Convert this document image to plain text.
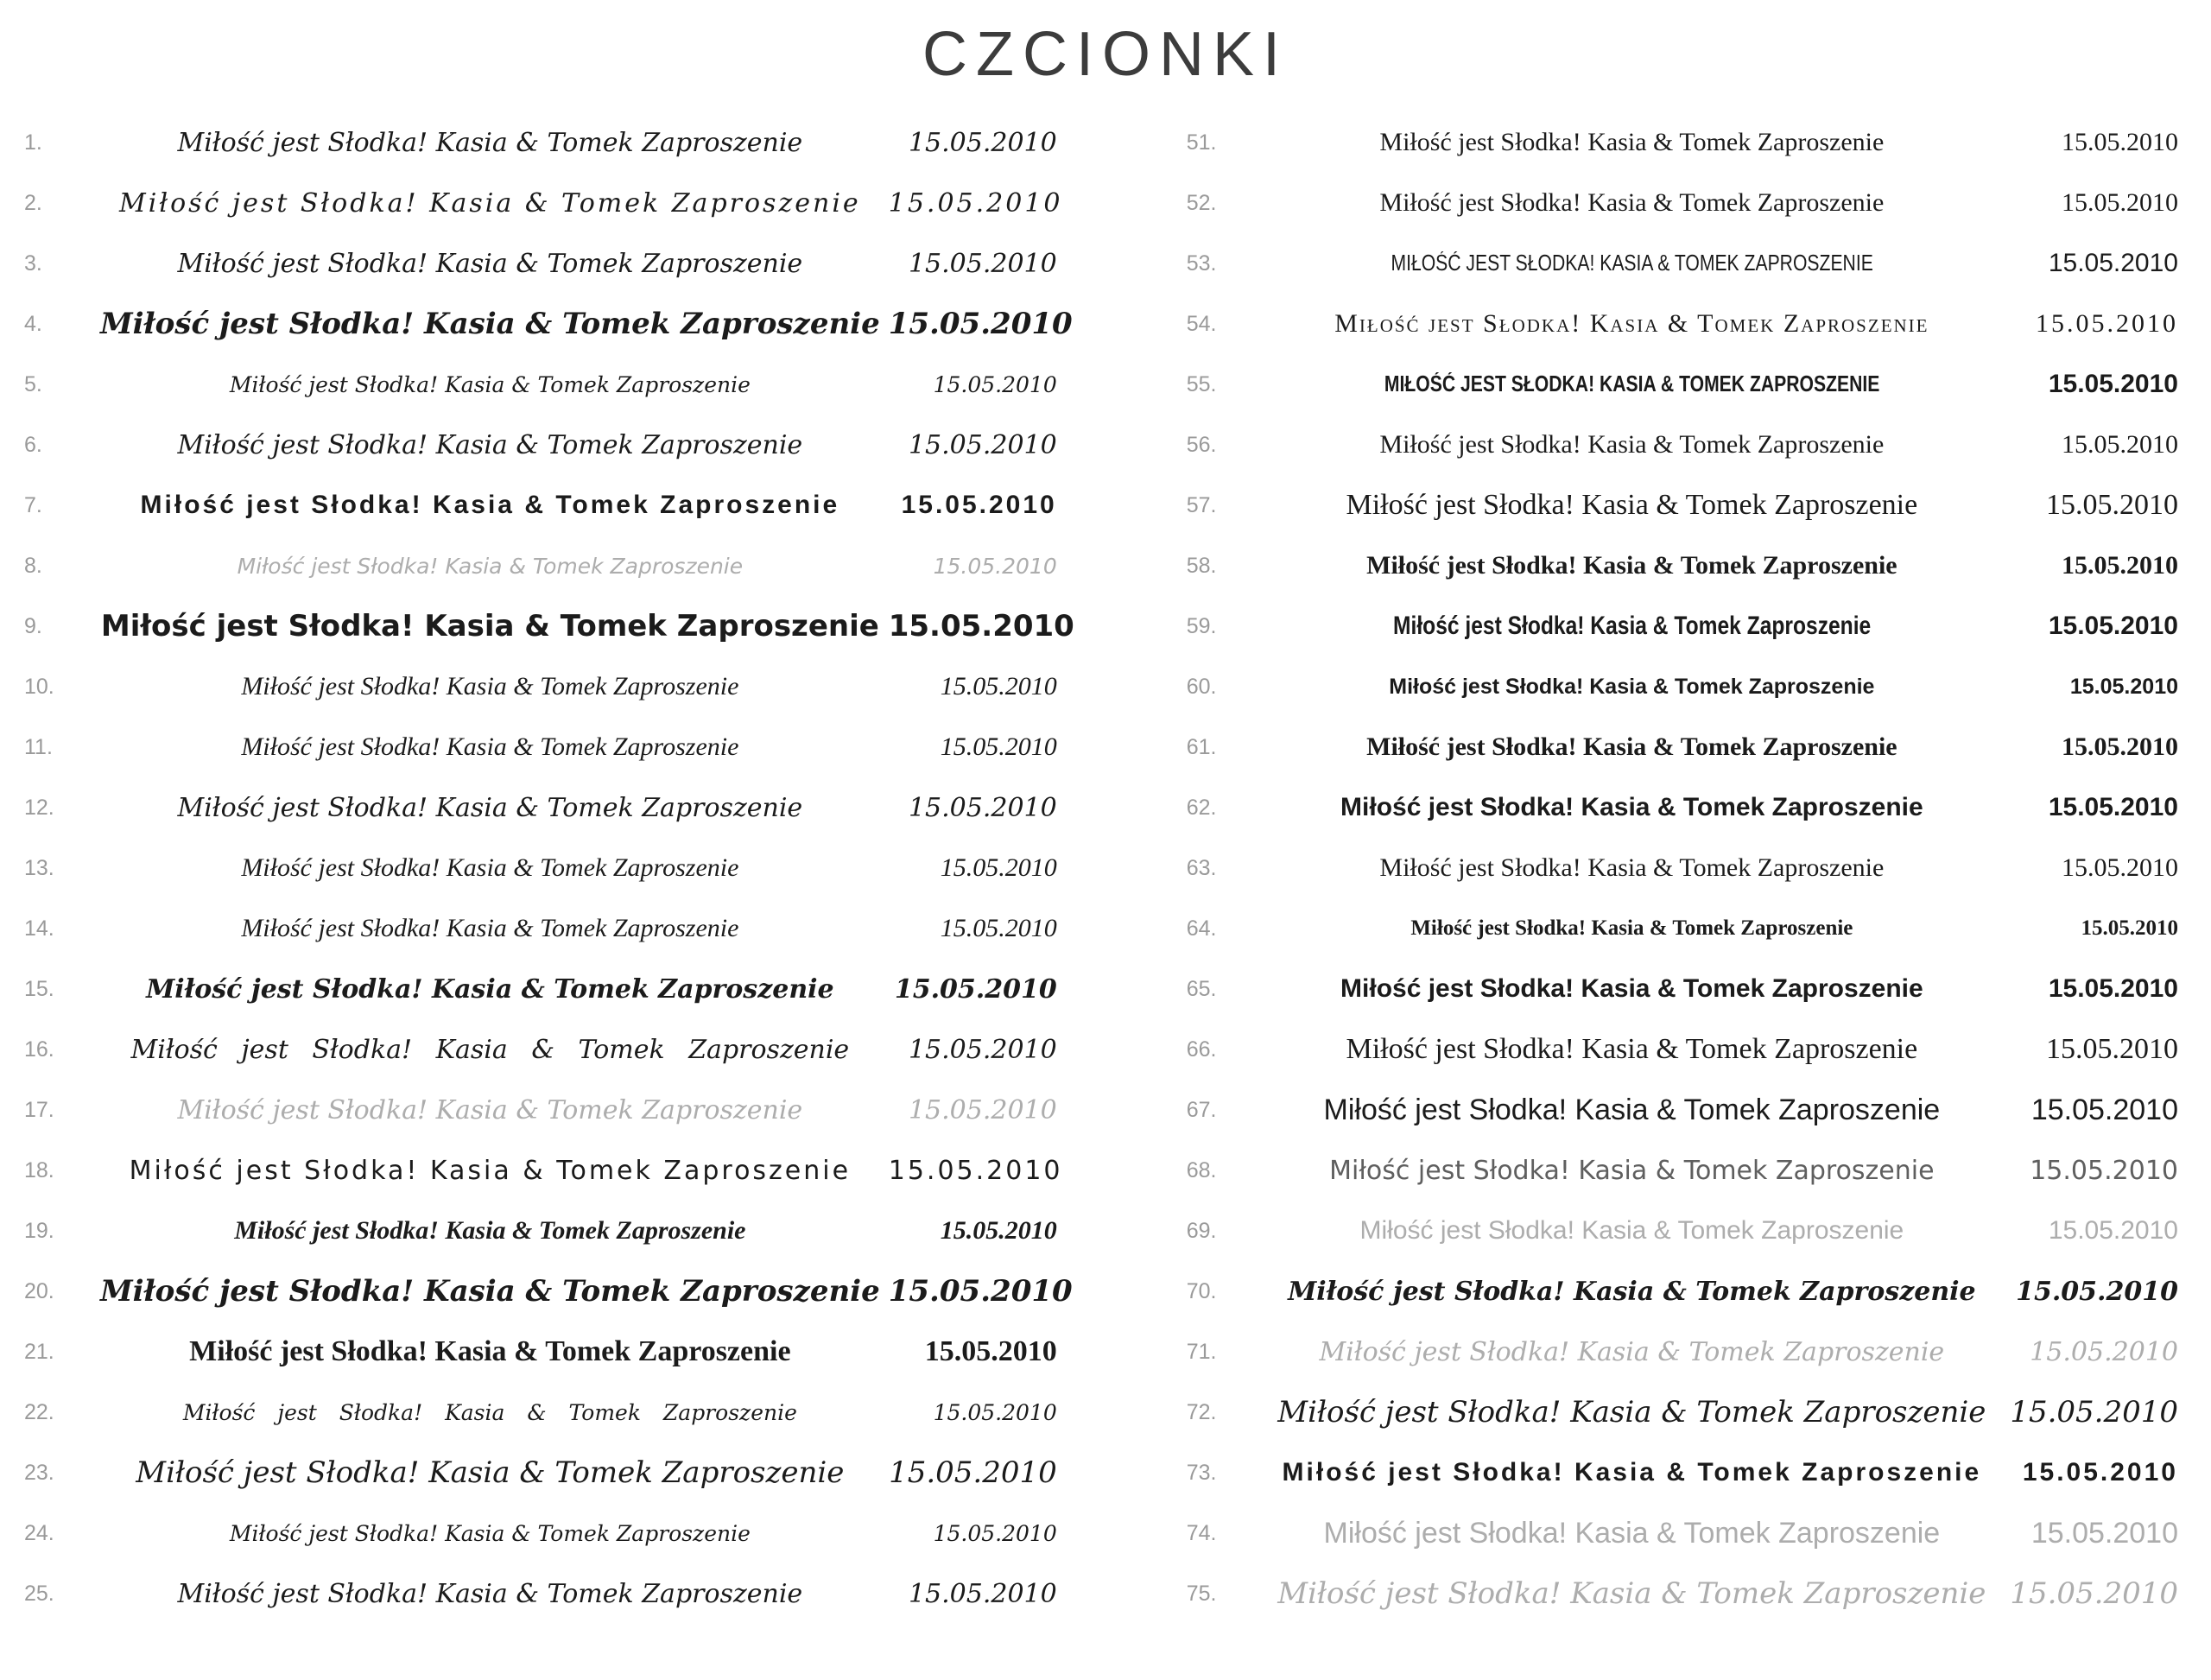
CZCIONKI
1.	Miłość jest Słodka! Kasia & Tomek Zaproszenie	15.05.2010
2.	Miłość jest Słodka! Kasia & Tomek Zaproszenie	15.05.2010
3.	Miłość jest Słodka! Kasia & Tomek Zaproszenie	15.05.2010
4.	Miłość jest Słodka! Kasia & Tomek Zaproszenie 15.05.2010
5.	Miłość jest Słodka! Kasia & Tomek Zaproszenie	15.05.2010
6.	Miłość jest Słodka! Kasia & Tomek Zaproszenie	15.05.2010
7.	Miłość jest Słodka! Kasia & Tomek Zaproszenie	15.05.2010
8.	Miłość jest Słodka! Kasia & Tomek Zaproszenie	15.05.2010
9.	Miłość jest Słodka! Kasia & Tomek Zaproszenie 15.05.2010
10.	Miłość jest Słodka! Kasia & Tomek Zaproszenie	15.05.2010
11.	Miłość jest Słodka! Kasia & Tomek Zaproszenie	15.05.2010
12.	Miłość jest Słodka! Kasia & Tomek Zaproszenie	15.05.2010
13.	Miłość jest Słodka! Kasia & Tomek Zaproszenie	15.05.2010
14.	Miłość jest Słodka! Kasia & Tomek Zaproszenie	15.05.2010
15.	Miłość jest Słodka! Kasia & Tomek Zaproszenie	15.05.2010
16.	Miłość jest Słodka! Kasia & Tomek Zaproszenie	15.05.2010
17.	Miłość jest Słodka! Kasia & Tomek Zaproszenie	15.05.2010
18.	Miłość jest Słodka! Kasia & Tomek Zaproszenie	15.05.2010
19.	Miłość jest Słodka! Kasia & Tomek Zaproszenie	15.05.2010
20.	Miłość jest Słodka! Kasia & Tomek Zaproszenie 15.05.2010
21.	Miłość jest Słodka! Kasia & Tomek Zaproszenie	15.05.2010
22.	Miłość jest Słodka! Kasia & Tomek Zaproszenie	15.05.2010
23.	Miłość jest Słodka! Kasia & Tomek Zaproszenie	15.05.2010
24.	Miłość jest Słodka! Kasia & Tomek Zaproszenie	15.05.2010
25.	Miłość jest Słodka! Kasia & Tomek Zaproszenie	15.05.2010
51.	Miłość jest Słodka! Kasia & Tomek Zaproszenie	15.05.2010
52.	Miłość jest Słodka! Kasia & Tomek Zaproszenie	15.05.2010
53.	MIŁOŚĆ JEST SŁODKA! KASIA & TOMEK ZAPROSZENIE	15.05.2010
54.	Miłość jest Słodka! Kasia & Tomek Zaproszenie	15.05.2010
55.	MIŁOŚĆ JEST SŁODKA! KASIA & TOMEK ZAPROSZENIE	15.05.2010
56.	Miłość jest Słodka! Kasia & Tomek Zaproszenie	15.05.2010
57.	Miłość jest Słodka! Kasia & Tomek Zaproszenie	15.05.2010
58.	Miłość jest Słodka! Kasia & Tomek Zaproszenie	15.05.2010
59.	Miłość jest Słodka! Kasia & Tomek Zaproszenie	15.05.2010
60.	Miłość jest Słodka! Kasia & Tomek Zaproszenie	15.05.2010
61.	Miłość jest Słodka! Kasia & Tomek Zaproszenie	15.05.2010
62.	Miłość jest Słodka! Kasia & Tomek Zaproszenie	15.05.2010
63.	Miłość jest Słodka! Kasia & Tomek Zaproszenie	15.05.2010
64.	Miłość jest Słodka! Kasia & Tomek Zaproszenie	15.05.2010
65.	Miłość jest Słodka! Kasia & Tomek Zaproszenie	15.05.2010
66.	Miłość jest Słodka! Kasia & Tomek Zaproszenie	15.05.2010
67.	Miłość jest Słodka! Kasia & Tomek Zaproszenie	15.05.2010
68.	Miłość jest Słodka! Kasia & Tomek Zaproszenie	15.05.2010
69.	Miłość jest Słodka! Kasia & Tomek Zaproszenie	15.05.2010
70.	Miłość jest Słodka! Kasia & Tomek Zaproszenie	15.05.2010
71.	Miłość jest Słodka! Kasia & Tomek Zaproszenie	15.05.2010
72.	Miłość jest Słodka! Kasia & Tomek Zaproszenie 15.05.2010
73.	Miłość jest Słodka! Kasia & Tomek Zaproszenie	15.05.2010
74.	Miłość jest Słodka! Kasia & Tomek Zaproszenie	15.05.2010
75.	Miłość jest Słodka! Kasia & Tomek Zaproszenie 15.05.2010
